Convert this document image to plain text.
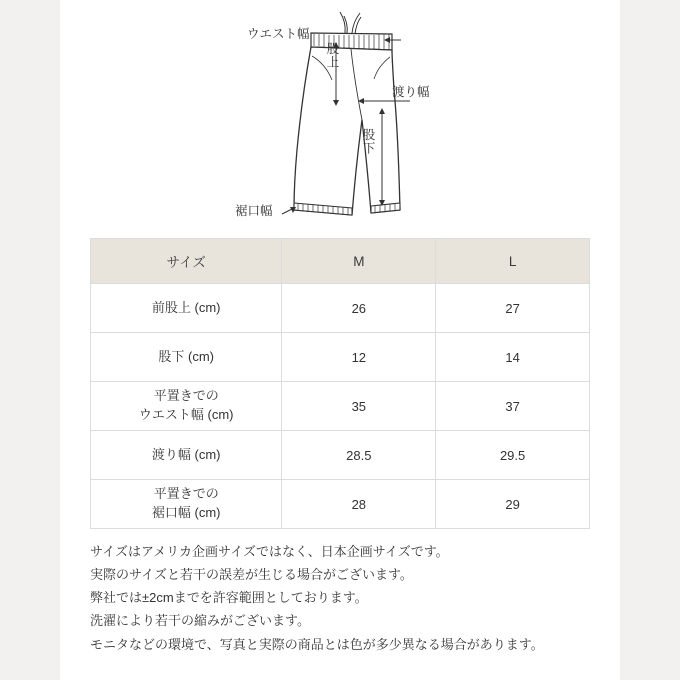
ウエスト幅
股上
渡り幅
股下
裾口幅
サイズ	M	L
前股上 (cm)	26	27
股下 (cm)	12	14

平置きでの
ウエスト幅 (cm)	35	37
渡り幅 (cm)	28.5	29.5

平置きでの
裾口幅 (cm)	28	29
サイズはアメリカ企画サイズではなく、日本企画サイズです。
実際のサイズと若干の誤差が生じる場合がございます。
弊社では±2cmまでを許容範囲としております。
洗濯により若干の縮みがございます。
モニタなどの環境で、写真と実際の商品とは色が多少異なる場合があります。
